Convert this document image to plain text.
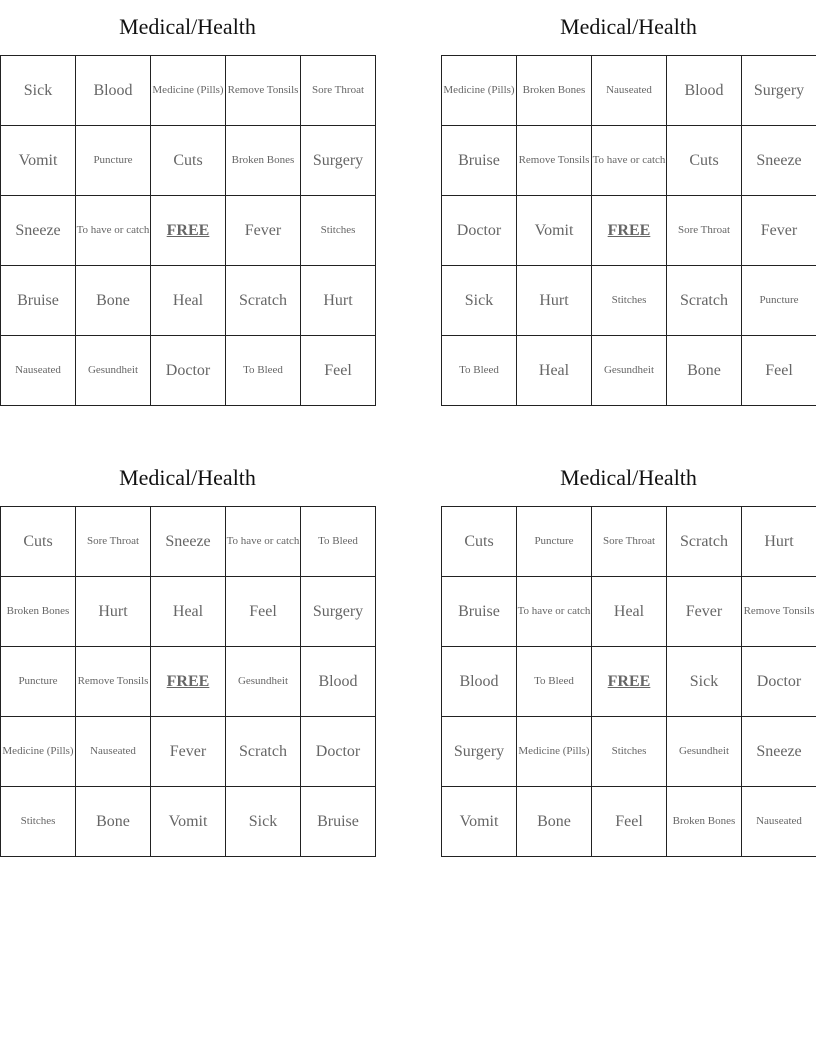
Medical/Health
Sick	Blood	Medicine (Pills)	Remove Tonsils	Sore Throat
Vomit	Puncture	Cuts	Broken Bones	Surgery
Sneeze	To have or catch	FREE	Fever	Stitches
Bruise	Bone	Heal	Scratch	Hurt
Nauseated	Gesundheit	Doctor	To Bleed	Feel
Medical/Health
Medicine (Pills)	Broken Bones	Nauseated	Blood	Surgery
Bruise	Remove Tonsils	To have or catch	Cuts	Sneeze
Doctor	Vomit	FREE	Sore Throat	Fever
Sick	Hurt	Stitches	Scratch	Puncture
To Bleed	Heal	Gesundheit	Bone	Feel
Medical/Health
Cuts	Sore Throat	Sneeze	To have or catch	To Bleed
Broken Bones	Hurt	Heal	Feel	Surgery
Puncture	Remove Tonsils	FREE	Gesundheit	Blood
Medicine (Pills)	Nauseated	Fever	Scratch	Doctor
Stitches	Bone	Vomit	Sick	Bruise
Medical/Health
Cuts	Puncture	Sore Throat	Scratch	Hurt
Bruise	To have or catch	Heal	Fever	Remove Tonsils
Blood	To Bleed	FREE	Sick	Doctor
Surgery	Medicine (Pills)	Stitches	Gesundheit	Sneeze
Vomit	Bone	Feel	Broken Bones	Nauseated
